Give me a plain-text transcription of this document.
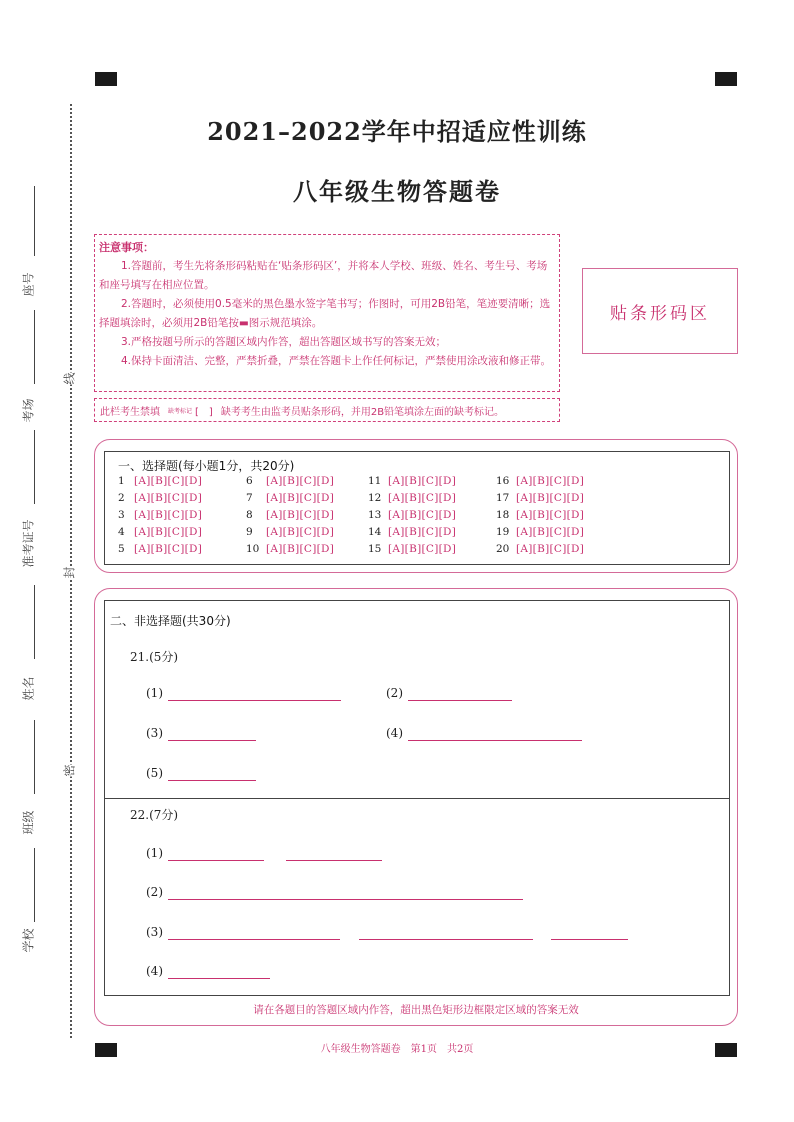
线
封
密
座号
考场
准考证号
姓名
班级
学校
2021–2022学年中招适应性训练
八年级生物答题卷
注意事项：

1.答题前，考生先将条形码粘贴在‘贴条形码区’，并将本人学校、班级、姓名、考生号、考场和座号填写在相应位置。

2.答题时，必须使用0.5毫米的黑色墨水签字笔书写；作图时，可用2B铅笔，笔迹要清晰；选择题填涂时，必须用2B铅笔按▬图示规范填涂。

3.严格按题号所示的答题区域内作答，超出答题区域书写的答案无效；

4.保持卡面清洁、完整，严禁折叠，严禁在答题卡上作任何标记，严禁使用涂改液和修正带。

贴条形码区
此栏考生禁填 缺考标记 [　] 缺考考生由监考员贴条形码，并用2B铅笔填涂左面的缺考标记。
一、选择题(每小题1分，共20分)
1 [A][B][C][D]
2 [A][B][C][D]
3 [A][B][C][D]
4 [A][B][C][D]
5 [A][B][C][D]
6 [A][B][C][D]
7 [A][B][C][D]
8 [A][B][C][D]
9 [A][B][C][D]
10 [A][B][C][D]
11 [A][B][C][D]
12 [A][B][C][D]
13 [A][B][C][D]
14 [A][B][C][D]
15 [A][B][C][D]
16 [A][B][C][D]
17 [A][B][C][D]
18 [A][B][C][D]
19 [A][B][C][D]
20 [A][B][C][D]
二、非选择题(共30分)
21.(5分)
(1)	(2)
(3)	(4)
(5)
22.(7分)
(1)
(2)
(3)
(4)
请在各题目的答题区域内作答，超出黑色矩形边框限定区域的答案无效
八年级生物答题卷　第1页　共2页
